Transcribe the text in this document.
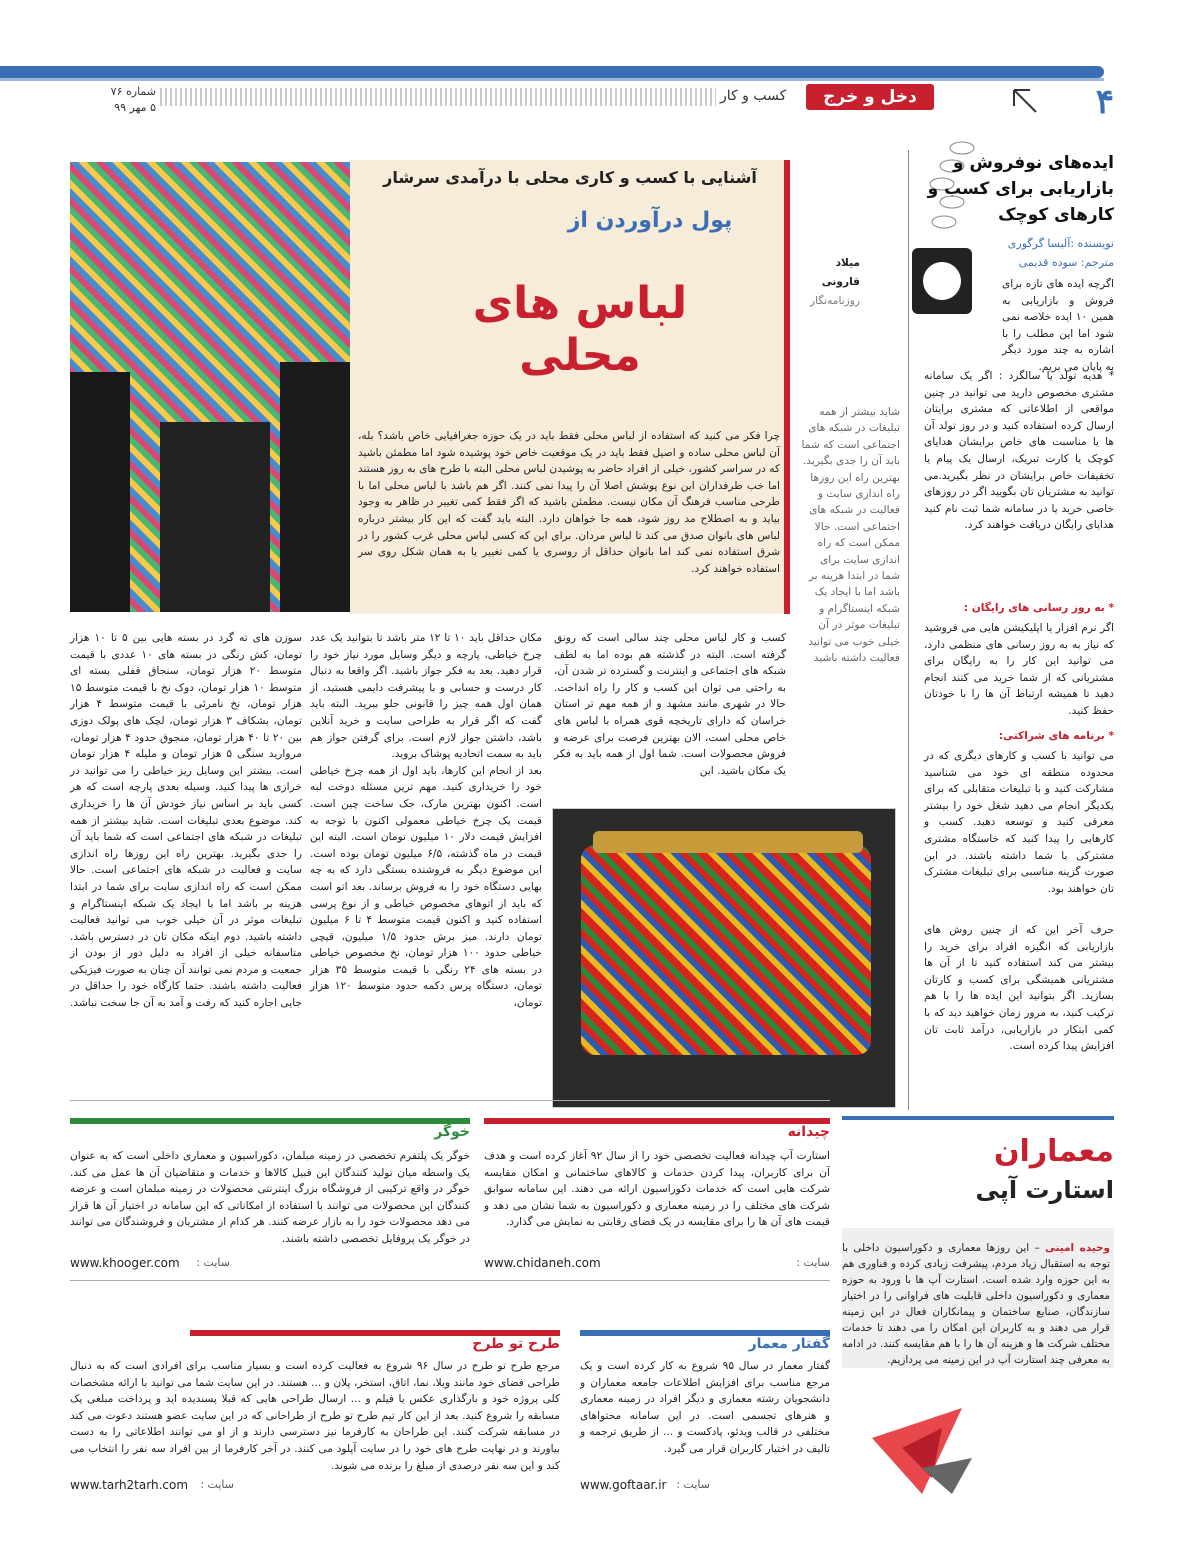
۴
دخل و خرج
کسب و کار
شماره ۷۶
۵ مهر ۹۹
ایده‌های نوفروش و بازاریابی برای کسب و کارهای کوچک
نویسنده :آلیسا گرگوری
مترجم: سوده قدیمی
اگرچه ایده های تازه برای فروش و بازاریابی به همین ۱۰ ایده خلاصه نمی شود اما این مطلب را با اشاره به چند مورد دیگر به پایان می بریم.
* هدیه تولد یا سالگرد : اگر یک سامانه مشتری مخصوص دارید می توانید در چنین مواقعی از اطلاعاتی که مشتری برایتان ارسال کرده استفاده کنید و در روز تولد آن ها یا مناسبت های خاص برایشان هدایای کوچک یا کارت تبریک، ارسال یک پیام یا تخفیفات خاص برایشان در نظر بگیرید.می توانید به مشتریان تان بگویید اگر در روزهای خاصی خرید یا در سامانه شما ثبت نام کنید هدایای رایگان دریافت خواهند کرد.
* به روز رسانی های رایگان :
اگر نرم افزار یا اپلیکیشن هایی می فروشید که نیاز به به روز رسانی های منظمی دارد، می توانید این کار را به رایگان برای مشتریانی که از شما خرید می کنند انجام دهید تا همیشه ارتباط آن ها را با خودتان حفظ کنید.
* برنامه های شراکتی:
می توانید با کسب و کارهای دیگری که در محدوده منطقه ای خود می شناسید مشارکت کنید و با تبلیغات متقابلی که برای یکدیگر انجام می دهید شغل خود را بیشتر معرفی کنید و توسعه دهید. کسب و کارهایی را پیدا کنید که خاستگاه مشتری مشترکی با شما داشته باشند. در این صورت گزینه مناسبی برای تبلیغات مشترک تان خواهند بود.
حرف آخر این که از چنین روش های بازاریابی که انگیزه افراد برای خرید را بیشتر می کند استفاده کنید تا از آن ها مشتریانی همیشگی برای کسب و کارتان بسازید. اگر بتوانید این ایده ها را با هم ترکیب کنید، به مرور زمان خواهید دید که با کمی ابتکار در بازاریابی، درآمد ثابت تان افزایش پیدا کرده است.
آشنایی با کسب و کاری محلی با درآمدی سرشار
پول درآوردن از
لباس های
محلی
میلاد قارونی
روزنامه‌نگار
چرا فکر می کنید که استفاده از لباس محلی فقط باید در یک حوزه جغرافیایی خاص باشد؟ بله، آن لباس محلی ساده و اصیل فقط باید در یک موقعیت خاص خود پوشیده شود اما مطمئن باشید که در سراسر کشور، خیلی از افراد حاضر به پوشیدن لباس محلی البته با طرح های به روز هستند اما خب طرفداران این نوع پوشش اصلا آن را پیدا نمی کنند. اگر هم باشد با لباس محلی اما با طرحی مناسب فرهنگ آن مکان نیست. مطمئن باشید که اگر فقط کمی تغییر در ظاهر به وجود بیاید و به اصطلاح مد روز شود، همه جا خواهان دارد. البته باید گفت که این کار بیشتر درباره لباس های بانوان صدق می کند تا لباس مردان. برای این که کسی لباس محلی غرب کشور را در شرق استفاده نمی کند اما بانوان حداقل از روسری یا کمی تغییر یا به همان شکل روی سر استفاده خواهند کرد.
شاید بیشتر از همه تبلیغات در شبکه های اجتماعی است که شما باید آن را جدی بگیرید. بهترین راه این روزها راه اندازی سایت و فعالیت در شبکه های اجتماعی است. حالا ممکن است که راه اندازی سایت برای شما در ابتدا هزینه بر باشد اما با ایجاد یک شبکه اینستاگرام و تبلیغات موثر در آن خیلی خوب می توانید فعالیت داشته باشید
کسب و کار لباس محلی چند سالی است که رونق گرفته است. البته در گذشته هم بوده اما به لطف شبکه های اجتماعی و اینترنت و گسترده تر شدن آن، به راحتی می توان این کسب و کار را راه انداخت. حالا در شهری مانند مشهد و از همه مهم تر استان خراسان که دارای تاریخچه قوی همراه با لباس های خاص محلی است، الان بهترین فرصت برای عرضه و فروش محصولات است. شما اول از همه باید به فکر یک مکان باشید. این
مکان حداقل باید ۱۰ تا ۱۲ متر باشد تا بتوانید یک عدد چرخ خیاطی، پارچه و دیگر وسایل مورد نیاز خود را قرار دهید. بعد به فکر جواز باشید. اگر واقعا به دنبال کار درست و حسابی و با پیشرفت دایمی هستید، از همان اول همه چیز را قانونی جلو ببرید. البته باید گفت که اگر قرار به طراحی سایت و خرید آنلاین باشد، داشتن جواز لازم است. برای گرفتن جواز هم باید به سمت اتحادیه پوشاک بروید.
بعد از انجام این کارها، باید اول از همه چرخ خیاطی خود را خریداری کنید. مهم ترین مسئله دوخت لبه است. اکنون بهترین مارک، جک ساخت چین است. قیمت یک چرخ خیاطی معمولی اکنون با توجه به افزایش قیمت دلار ۱۰ میلیون تومان است. البته این قیمت در ماه گذشته، ۶/۵ میلیون تومان بوده است. این موضوع دیگر به فروشنده بستگی دارد که به چه بهایی دستگاه خود را به فروش برساند. بعد اتو است که باید از اتوهای مخصوص خیاطی و از نوع پرسی استفاده کنید و اکنون قیمت متوسط ۴ تا ۶ میلیون تومان دارند. میز برش حدود ۱/۵ میلیون، قیچی خیاطی حدود ۱۰۰ هزار تومان، نخ مخصوص خیاطی در بسته های ۲۴ رنگی با قیمت متوسط ۳۵ هزار تومان، دستگاه پرس دکمه حدود متوسط ۱۲۰ هزار تومان،
سوزن های ته گرد در بسته هایی بین ۵ تا ۱۰ هزار تومان، کش رنگی در بسته های ۱۰ عددی با قیمت متوسط ۲۰ هزار تومان، سنجاق قفلی بسته ای متوسط ۱۰ هزار تومان، دوک نخ با قیمت متوسط ۱۵ هزار تومان، نخ نامرئی با قیمت متوسط ۴ هزار تومان، بشکاف ۳ هزار تومان، لچک های پولک دوزی بین ۲۰ تا ۴۰ هزار تومان، منجوق حدود ۴ هزار تومان، مروارید سنگی ۵ هزار تومان و ملیله ۴ هزار تومان است. بیشتر این وسایل ریز خیاطی را می توانید در خرازی ها پیدا کنید. وسیله بعدی پارچه است که هر کسی باید بر اساس نیاز خودش آن ها را خریداری کند. موضوع بعدی تبلیغات است. شاید بیشتر از همه تبلیغات در شبکه های اجتماعی است که شما باید آن را جدی بگیرید. بهترین راه این روزها راه اندازی سایت و فعالیت در شبکه های اجتماعی است. حالا ممکن است که راه اندازی سایت برای شما در ابتدا هزینه بر باشد اما با ایجاد یک شبکه اینستاگرام و تبلیغات موثر در آن خیلی خوب می توانید فعالیت داشته باشید. دوم اینکه مکان تان در دسترس باشد. متاسفانه خیلی از افراد به دلیل دور از بودن از جمعیت و مردم نمی توانند آن چنان به صورت فیزیکی فعالیت داشته باشند. حتما کارگاه خود را حداقل در جایی اجاره کنید که رفت و آمد به آن جا سخت نباشد.
معماران
استارت آپی
وحیده امینی – این روزها معماری و دکوراسیون داخلی با توجه به استقبال زیاد مردم، پیشرفت زیادی کرده و فناوری هم به این حوزه وارد شده است. استارت آپ ها با ورود به حوزه معماری و دکوراسیون داخلی قابلیت های فراوانی را در اختیار سازندگان، صنایع ساختمان و پیمانکاران فعال در این زمینه قرار می دهند و به کاربران این امکان را می دهند تا خدمات مختلف شرکت ها و هزینه آن ها را با هم مقایسه کنند. در ادامه به معرفی چند استارت آپ در این زمینه می پردازیم.
چیدانه
استارت آپ چیدانه فعالیت تخصصی خود را از سال ۹۲ آغاز کرده است و هدف آن برای کاربران، پیدا کردن خدمات و کالاهای ساختمانی و امکان مقایسه شرکت هایی است که خدمات دکوراسیون ارائه می دهند. این سامانه سوابق شرکت های مختلف را در زمینه معماری و دکوراسیون به شما نشان می دهد و قیمت های آن ها را برای مقایسه در یک فضای رقابتی به نمایش می گذارد.
سایت :
www.chidaneh.com
خوگر
خوگر یک پلتفرم تخصصی در زمینه مبلمان، دکوراسیون و معماری داخلی است که به عنوان یک واسطه میان تولید کنندگان این قبیل کالاها و خدمات و متقاضیان آن ها عمل می کند. خوگر در واقع ترکیبی از فروشگاه بزرگ اینترنتی محصولات در زمینه مبلمان است و عرضه کنندگان این محصولات می توانند با استفاده از امکاناتی که این سامانه در اختیار آن ها قرار می دهد محصولات خود را به بازار عرضه کنند. هر کدام از مشتریان و فروشندگان می توانند در خوگر یک پروفایل تخصصی داشته باشند.
سایت :
www.khooger.com
گفتار معمار
گفتار معمار در سال ۹۵ شروع به کار کرده است و یک مرجع مناسب برای افزایش اطلاعات جامعه معماران و دانشجویان رشته معماری و دیگر افراد در زمینه معماری و هنرهای تجسمی است. در این سامانه محتواهای مختلفی در قالب ویدئو، پادکست و ... از طریق ترجمه و تالیف در اختیار کاربران قرار می گیرد.
سایت :
www.goftaar.ir
طرح تو طرح
مرجع طرح تو طرح در سال ۹۶ شروع به فعالیت کرده است و بسیار مناسب برای افرادی است که به دنبال طراحی فضای خود مانند ویلا، نما، اتاق، استخر، پلان و ... هستند. در این سایت شما می توانید با ارائه مشخصات کلی پروژه خود و بارگذاری عکس یا فیلم و ... ارسال طراحی هایی که قبلا پسندیده اید و پرداخت مبلغی یک مسابقه را شروع کنید. بعد از این کار تیم طرح تو طرح از طراحانی که در این سایت عضو هستند دعوت می کند در مسابقه شرکت کنند. این طراحان به کارفرما نیز دسترسی دارند و از او می توانند اطلاعاتی را به دست بیاورند و در نهایت طرح های خود را در سایت آپلود می کنند. در آخر کارفرما از بین افراد سه نفر را انتخاب می کند و این سه نفر درصدی از مبلغ را برنده می شوند.
سایت :
www.tarh2tarh.com
